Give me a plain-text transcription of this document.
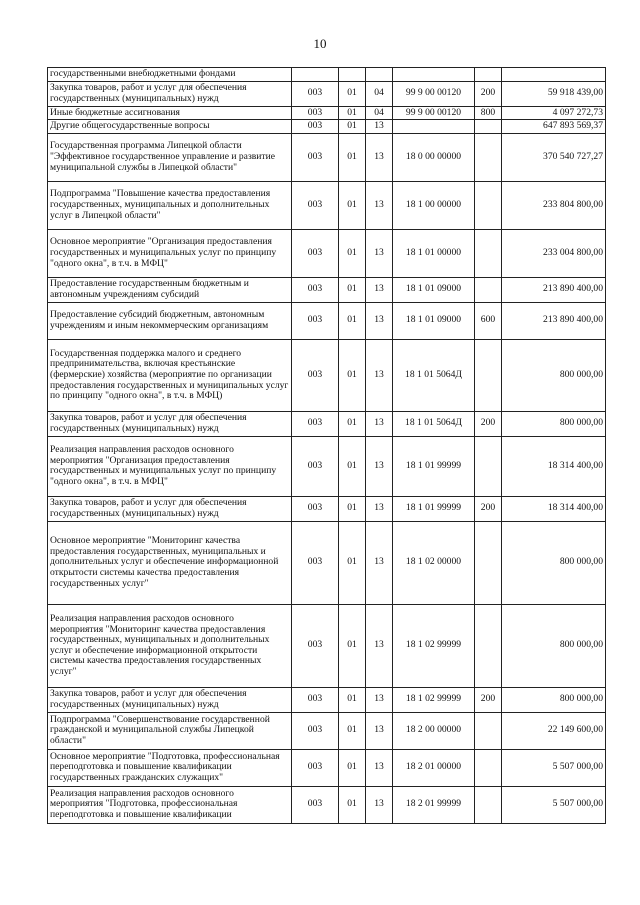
10
государственными внебюджетными фондами						
Закупка товаров, работ и услуг для обеспечения государственных (муниципальных) нужд	003	01	04	99 9 00 00120	200	59 918 439,00
Иные бюджетные ассигнования	003	01	04	99 9 00 00120	800	4 097 272,73
Другие общегосударственные вопросы	003	01	13			647 893 569,37
Государственная программа Липецкой области "Эффективное государственное управление и развитие муниципальной службы в Липецкой области"	003	01	13	18 0 00 00000		370 540 727,27
Подпрограмма "Повышение качества предоставления государственных, муниципальных и дополнительных услуг в Липецкой области"	003	01	13	18 1 00 00000		233 804 800,00
Основное мероприятие "Организация предоставления государственных и муниципальных услуг по принципу "одного окна", в т.ч. в МФЦ"	003	01	13	18 1 01 00000		233 004 800,00
Предоставление государственным бюджетным и автономным учреждениям субсидий	003	01	13	18 1 01 09000		213 890 400,00
Предоставление субсидий бюджетным, автономным учреждениям и иным некоммерческим организациям	003	01	13	18 1 01 09000	600	213 890 400,00
Государственная поддержка малого и среднего предпринимательства, включая крестьянские (фермерские) хозяйства (мероприятие по организации предоставления государственных и муниципальных услуг по принципу "одного окна", в т.ч. в МФЦ)	003	01	13	18 1 01 5064Д		800 000,00
Закупка товаров, работ и услуг для обеспечения государственных (муниципальных) нужд	003	01	13	18 1 01 5064Д	200	800 000,00
Реализация направления расходов основного мероприятия "Организация предоставления государственных и муниципальных услуг по принципу "одного окна", в т.ч. в МФЦ"	003	01	13	18 1 01 99999		18 314 400,00
Закупка товаров, работ и услуг для обеспечения государственных (муниципальных) нужд	003	01	13	18 1 01 99999	200	18 314 400,00
Основное мероприятие "Мониторинг качества предоставления государственных, муниципальных и дополнительных услуг и обеспечение информационной открытости системы качества предоставления государственных услуг"	003	01	13	18 1 02 00000		800 000,00
Реализация направления расходов основного мероприятия "Мониторинг качества предоставления государственных, муниципальных и дополнительных услуг и обеспечение информационной открытости системы качества предоставления государственных услуг"	003	01	13	18 1 02 99999		800 000,00
Закупка товаров, работ и услуг для обеспечения государственных (муниципальных) нужд	003	01	13	18 1 02 99999	200	800 000,00
Подпрограмма "Совершенствование государственной гражданской и муниципальной службы Липецкой области"	003	01	13	18 2 00 00000		22 149 600,00
Основное мероприятие "Подготовка, профессиональная переподготовка и повышение квалификации государственных гражданских служащих"	003	01	13	18 2 01 00000		5 507 000,00
Реализация направления расходов основного мероприятия "Подготовка, профессиональная переподготовка и повышение квалификации	003	01	13	18 2 01 99999		5 507 000,00
